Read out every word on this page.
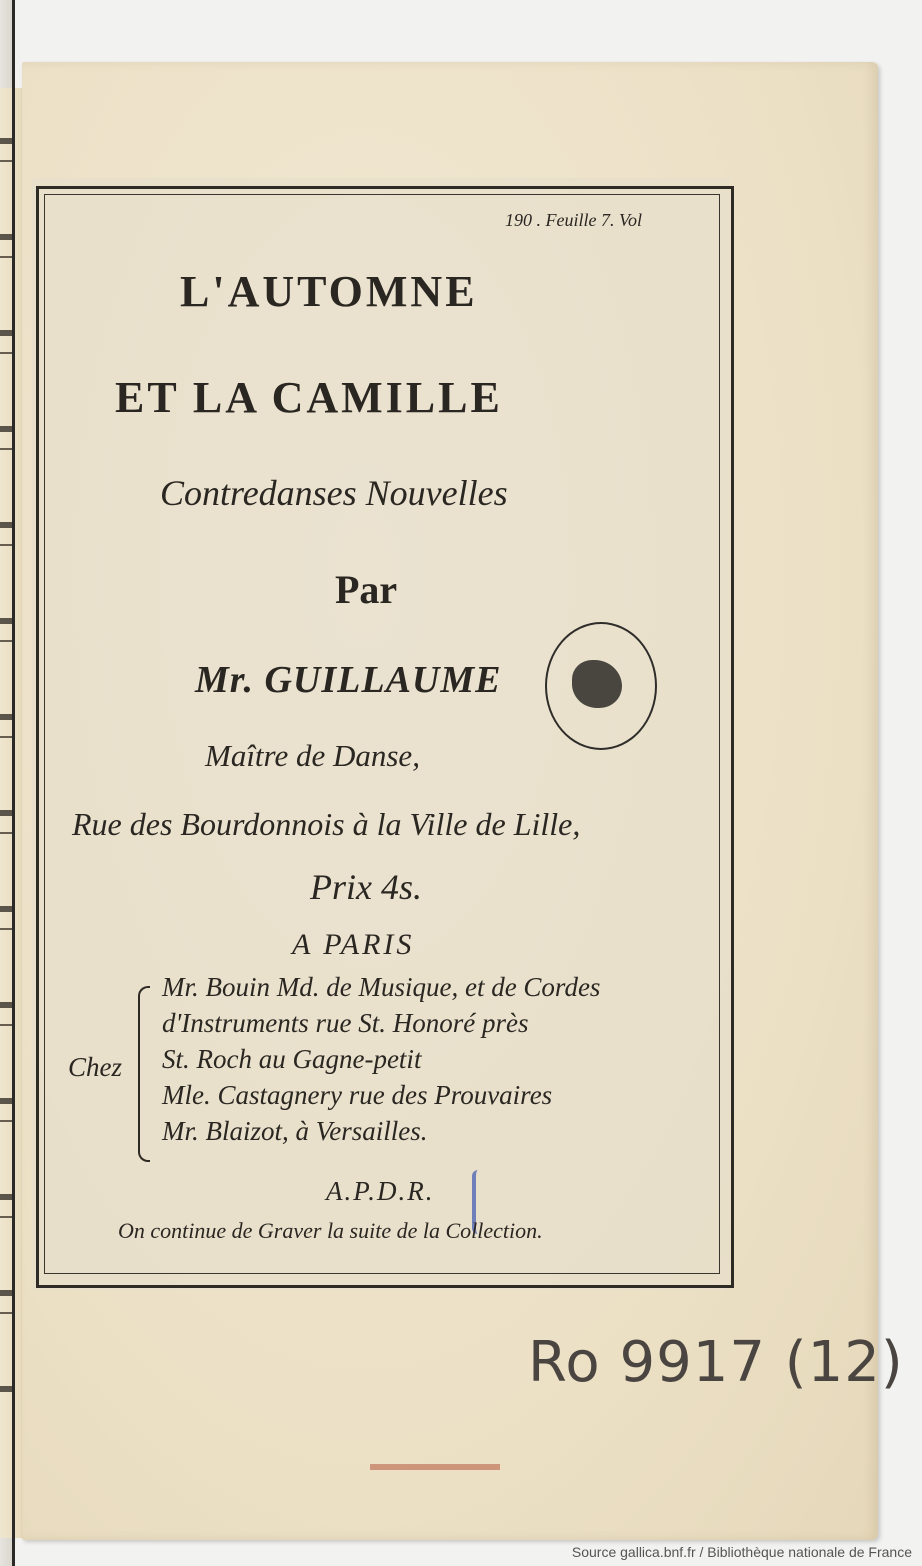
190 . Feuille 7. Vol

L'AUTOMNE

ET LA CAMILLE

Contredanses Nouvelles

Par

Mr. GUILLAUME

Maître de Danse,

Rue des Bourdonnois à la Ville de Lille,

Prix 4s.

A PARIS

Chez

Mr. Bouin Md. de Musique, et de Cordes

d'Instruments rue St. Honoré près

St. Roch au Gagne-petit

Mle. Castagnery rue des Prouvaires

Mr. Blaizot, à Versailles.

A.P.D.R.

On continue de Graver la suite de la Collection.

Ro 9917 (12)

Source gallica.bnf.fr / Bibliothèque nationale de France
